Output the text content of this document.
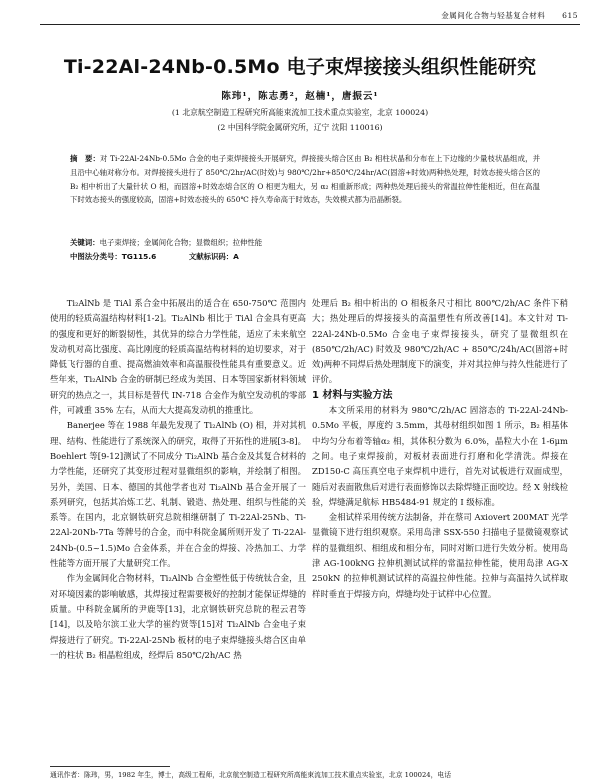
金属间化合物与轻基复合材料 615
Ti-22Al-24Nb-0.5Mo 电子束焊接接头组织性能研究
陈玮¹，陈志勇²，赵楠¹，唐振云¹
(1 北京航空制造工程研究所高能束流加工技术重点实验室，北京 100024)
(2 中国科学院金属研究所，辽宁 沈阳 110016)
摘　要：对 Ti-22Al-24Nb-0.5Mo 合金的电子束焊接接头开展研究，焊接接头熔合区由 B₂ 相柱状晶和分布在上下边缘的少量枝状晶组成，并且沿中心轴对称分布。对焊接接头进行了 850℃/2hr/AC(时效)与 980℃/2hr+850℃/24hr/AC(固溶+时效)两种热处理，时效态接头熔合区的 B₂ 相中析出了大量针状 O 相，而固溶+时效态熔合区的 O 相更为粗大，另 α₂ 相重新形成；两种热处理后接头的常温拉伸性能相近，但在高温下时效态接头的强度较高，固溶+时效态接头的 650℃ 持久寿命高于时效态，失效模式都为沿晶断裂。
关键词：电子束焊接；金属间化合物；显微组织；拉伸性能
中图法分类号：TG115.6	文献标识码：A

Ti₂AlNb 是 TiAl 系合金中拓展出的适合在 650-750℃ 范围内使用的轻质高温结构材料[1-2]。Ti₂AlNb 相比于 TiAl 合金具有更高的强度和更好的断裂韧性，其优异的综合力学性能，适应了未来航空发动机对高比强度、高比刚度的轻质高温结构材料的迫切要求，对于降低飞行器的自重、提高燃油效率和高温服役性能具有重要意义。近些年来，Ti₂AlNb 合金的研制已经成为美国、日本等国家新材料领域研究的热点之一，其目标是替代 IN-718 合金作为航空发动机的零部件，可减重 35% 左右，从而大大提高发动机的推重比。

Banerjee 等在 1988 年最先发现了 Ti₂AlNb (O) 相，并对其机理、结构、性能进行了系统深入的研究，取得了开拓性的进展[3-8]。Boehlert 等[9-12]测试了不同成分 Ti₂AlNb 基合金及其复合材料的力学性能，还研究了其变形过程对显微组织的影响，并绘制了相图。另外，美国、日本、德国的其他学者也对 Ti₂AlNb 基合金开展了一系列研究，包括其冶炼工艺、轧制、锻造、热处理、组织与性能的关系等。在国内，北京钢铁研究总院相继研制了 Ti-22Al-25Nb、Ti-22Al-20Nb-7Ta 等牌号的合金，而中科院金属所则开发了 Ti-22Al-24Nb-(0.5~1.5)Mo 合金体系，并在合金的焊接、冷热加工、力学性能等方面开展了大量研究工作。

作为金属间化合物材料，Ti₂AlNb 合金塑性低于传统钛合金，且对环境因素的影响敏感，其焊接过程需要极好的控制才能保证焊缝的质量。中科院金属所的尹鹿等[13]，北京钢铁研究总院的程云君等[14]，以及哈尔滨工业大学的崔约贤等[15]对 Ti₂AlNb 合金电子束焊接进行了研究。Ti-22Al-25Nb 板材的电子束焊缝接头熔合区由单一的柱状 B₂ 相晶粒组成，经焊后 850℃/2h/AC 热

处理后 B₂ 相中析出的 O 相板条尺寸相比 800℃/2h/AC 条件下稍大；热处理后的焊接接头的高温塑性有所改善[14]。本文针对 Ti-22Al-24Nb-0.5Mo 合金电子束焊接接头，研究了显微组织在 (850℃/2h/AC) 时效及 980℃/2h/AC + 850℃/24h/AC(固溶+时效)两种不同焊后热处理制度下的演变，并对其拉伸与持久性能进行了评价。

1 材料与实验方法

本文所采用的材料为 980℃/2h/AC 固溶态的 Ti-22Al-24Nb-0.5Mo 平板，厚度约 3.5mm，其母材组织如图 1 所示，B₂ 相基体中均匀分布着等轴α₂ 相，其体积分数为 6.0%，晶粒大小在 1-6μm 之间。电子束焊接前，对板材表面进行打磨和化学清洗。焊接在 ZD150-C 高压真空电子束焊机中进行，首先对试板进行双面成型，随后对表面散焦后对进行表面修饰以去除焊缝正面咬边。经 X 射线检验，焊缝满足航标 HB5484-91 规定的 I 级标准。

金相试样采用传统方法制备，并在蔡司 Axiovert 200MAT 光学显微镜下进行组织观察。采用岛津 SSX-550 扫描电子显微镜观察试样的显微组织、相组成和相分布，同时对断口进行失效分析。使用岛津 AG-100kNG 拉伸机测试试样的常温拉伸性能，使用岛津 AG-X 250kN 的拉伸机测试试样的高温拉伸性能。拉伸与高温持久试样取样时垂直于焊接方向，焊缝均处于试样中心位置。

通讯作者：陈玮，男，1982 年生，博士，高级工程师，北京航空制造工程研究所高能束流加工技术重点实验室，北京 100024，电话
